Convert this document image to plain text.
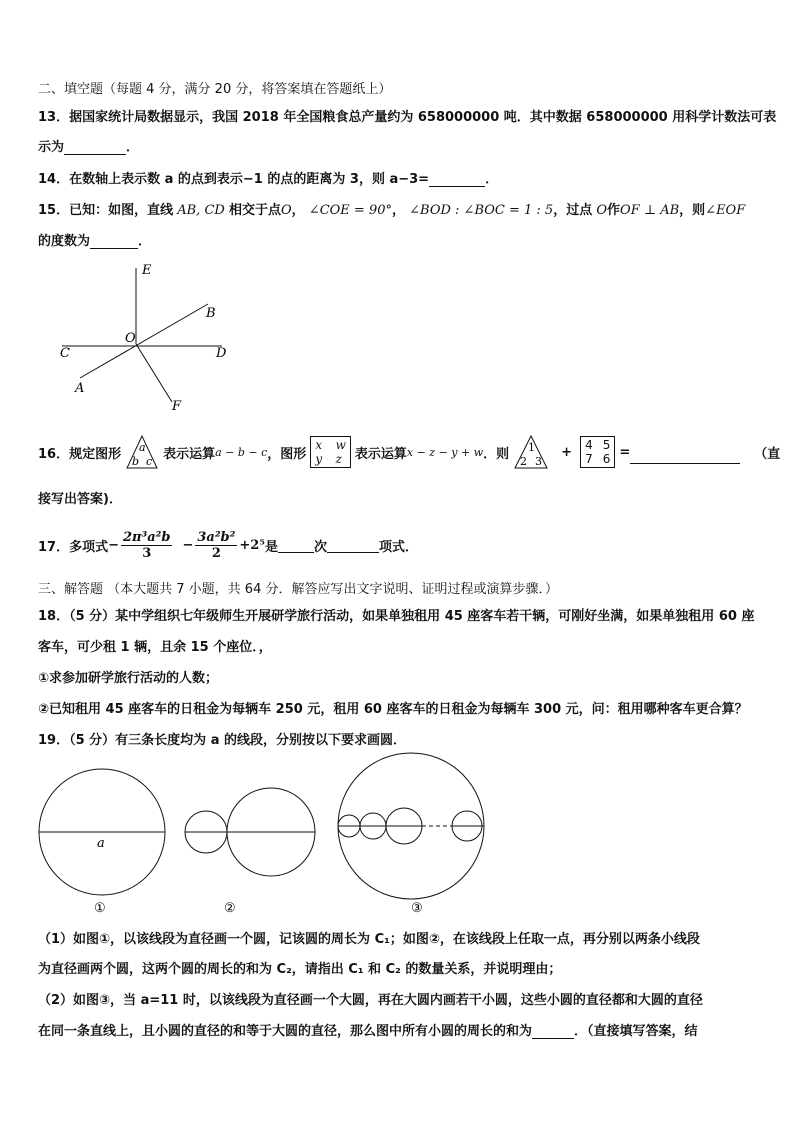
二、填空题（每题 4 分，满分 20 分，将答案填在答题纸上）
13．据国家统计局数据显示，我国 2018 年全国粮食总产量约为 658000000 吨．其中数据 658000000 用科学计数法可表
示为	．
14．在数轴上表示数 a 的点到表示−1 的点的距离为 3，则 a−3=	．
15．已知：如图，直线 AB, CD 相交于点O， ∠COE = 90°， ∠BOD : ∠BOC = 1 : 5，过点 O作OF ⊥ AB，则∠EOF
的度数为	．
E
B
O
C	D
A
F
16．规定图形 a
b c 表示运算 a − b − c ，图形
x w
y z 表示运算 x − z − y + w ．则 1
2 3
+ 4 5
7 6 =	（直
接写出答案)．
17．多项式 − $\frac{\text{2π³a²b}}{3} - \frac{\text{3a²b²}}{2} +2^5$ 是	次	项式．
三、解答题 （本大题共 7 小题，共 64 分．解答应写出文字说明、证明过程或演算步骤．）
18．（5 分）某中学组织七年级师生开展研学旅行活动，如果单独租用 45 座客车若干辆，可刚好坐满，如果单独租用 60 座
客车，可少租 1 辆，且余 15 个座位．，
①求参加研学旅行活动的人数；
②已知租用 45 座客车的日租金为每辆车 250 元，租用 60 座客车的日租金为每辆车 300 元，问：租用哪种客车更合算？
19．（5 分）有三条长度均为 a 的线段，分别按以下要求画圆．
a
①	②	③
（1）如图①，以该线段为直径画一个圆，记该圆的周长为 C₁；如图②，在该线段上任取一点，再分别以两条小线段
为直径画两个圆，这两个圆的周长的和为 C₂，请指出 C₁ 和 C₂ 的数量关系，并说明理由；
（2）如图③，当 a=11 时，以该线段为直径画一个大圆，再在大圆内画若干小圆，这些小圆的直径都和大圆的直径
在同一条直线上，且小圆的直径的和等于大圆的直径，那么图中所有小圆的周长的和为	．（直接填写答案，结
